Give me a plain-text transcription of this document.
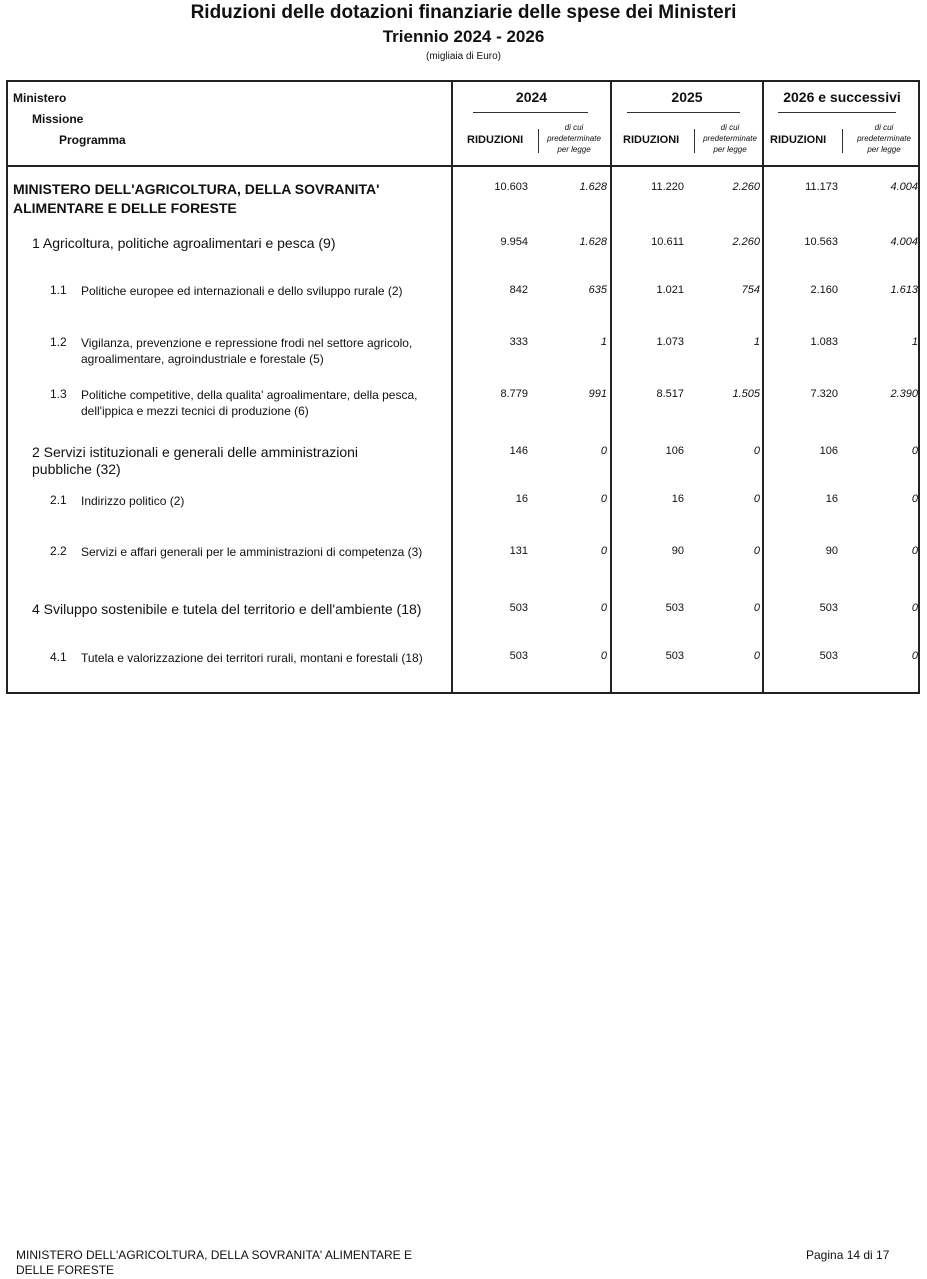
Riduzioni delle dotazioni finanziarie delle spese dei Ministeri
Triennio 2024 - 2026
(migliaia di Euro)
Ministero
Missione
Programma
2024	2025	2026 e successivi
RIDUZIONI
di cui
predeterminate
per legge
RIDUZIONI
di cui
predeterminate
per legge
RIDUZIONI
di cui
predeterminate
per legge
MINISTERO DELL'AGRICOLTURA, DELLA SOVRANITA' ALIMENTARE E DELLE FORESTE
10.603	1.628	11.220	2.260	11.173	4.004
1 Agricoltura, politiche agroalimentari e pesca (9)	9.954	1.628	10.611	2.260	10.563	4.004
1.1 Politiche europee ed internazionali e dello sviluppo rurale (2)	842	635	1.021	754	2.160	1.613
1.2 Vigilanza, prevenzione e repressione frodi nel settore agricolo, agroalimentare, agroindustriale e forestale (5)
333	1	1.073	1	1.083	1
1.3 Politiche competitive, della qualita' agroalimentare, della pesca, dell'ippica e mezzi tecnici di produzione (6)
8.779	991	8.517	1.505	7.320	2.390
2 Servizi istituzionali e generali delle amministrazioni pubbliche (32)
146	0	106	0	106	0
2.1 Indirizzo politico (2)	16	0	16	0	16	0
2.2 Servizi e affari generali per le amministrazioni di competenza (3)	131	0	90	0	90	0
4 Sviluppo sostenibile e tutela del territorio e dell'ambiente (18)	503	0	503	0	503	0
4.1 Tutela e valorizzazione dei territori rurali, montani e forestali (18)	503	0	503	0	503	0
MINISTERO DELL'AGRICOLTURA, DELLA SOVRANITA' ALIMENTARE E
DELLE FORESTE
Pagina 14 di 17
